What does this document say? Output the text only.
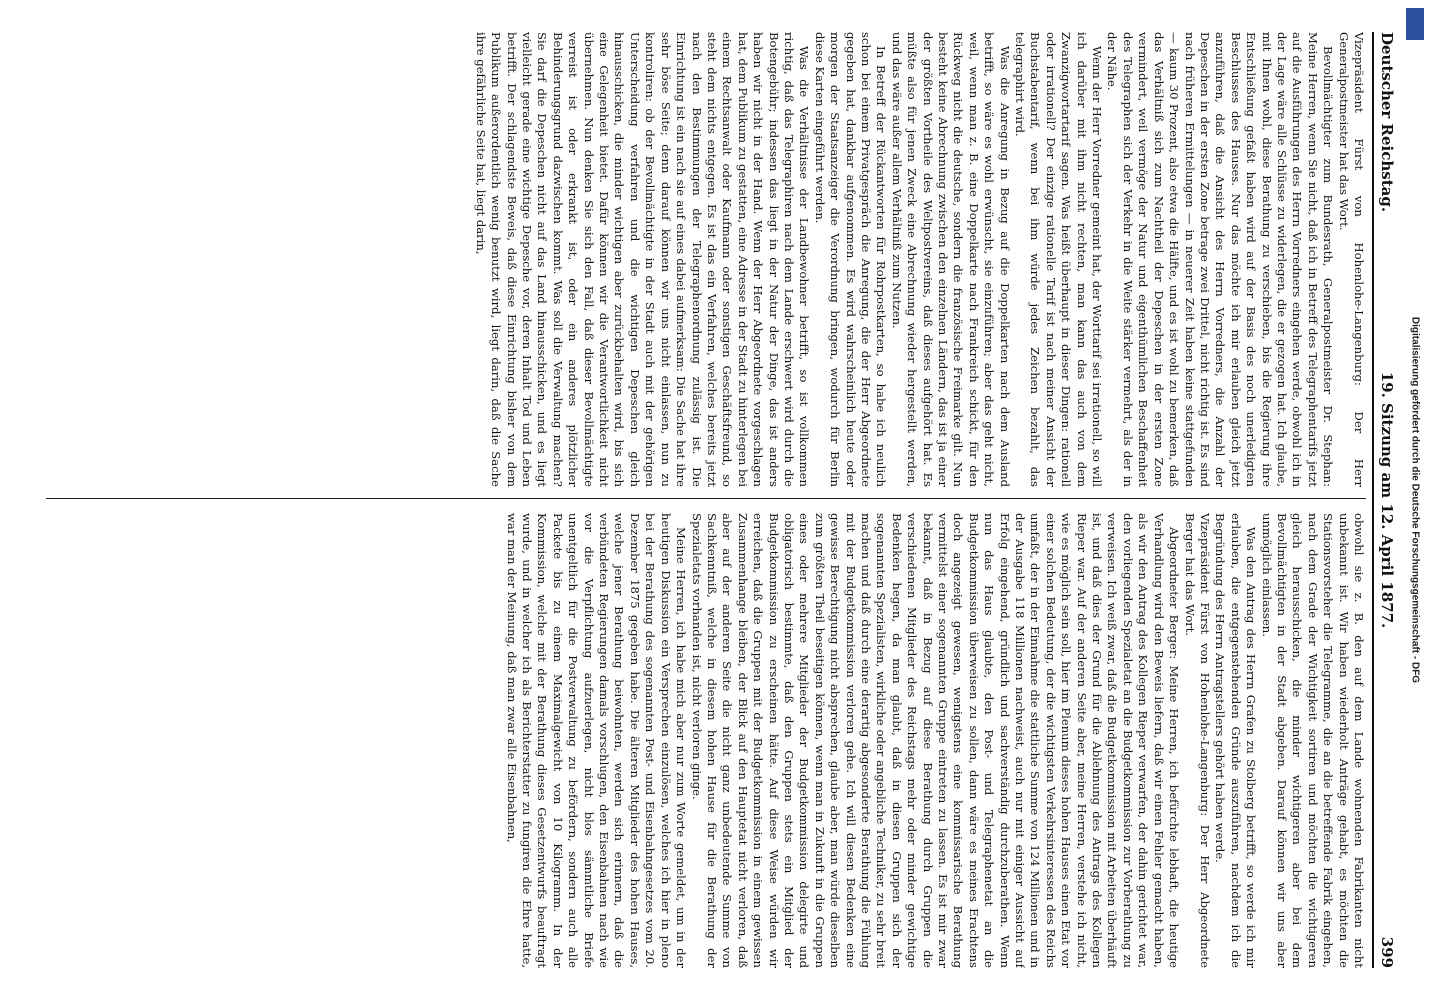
Deutscher Reichstag.
19. Sitzung am 12. April 1877.
399

Vizepräsident Fürst von Hohenlohe-Langenburg: Der Herr Generalpostmeister hat das Wort.

Bevollmächtigter zum Bundesrath, Generalpostmeister Dr. Stephan: Meine Herren, wenn Sie nicht, daß ich in Betreff des Telegraphentarifs jetzt auf die Ausführungen des Herrn Vorredners eingehen werde, obwohl ich in der Lage wäre alle Schlüsse zu widerlegen, die er gezogen hat. Ich glaube, mit Ihnen wohl, diese Berathung zu verschieben, bis die Regierung ihre Entschließung gefaßt haben wird auf der Basis des noch unerledigten Beschlusses des Hauses. Nur das möchte ich mir erlauben gleich jetzt anzuführen, daß die Ansicht des Herrn Vorredners, die Anzahl der Depeschen in der ersten Zone betrage zwei Drittel, nicht richtig ist. Es sind nach früheren Ermittelungen — in neuerer Zeit haben keine stattgefunden — kaum 30 Prozent, also etwa die Hälfte, und es ist wohl zu bemerken, daß das Verhältniß sich zum Nachtheil der Depeschen in der ersten Zone vermindert, weil vermöge der Natur und eigenthümlichen Beschaffenheit des Telegraphen sich der Verkehr in die Weite stärker vermehrt, als der in der Nähe.

Wenn der Herr Vorredner gemeint hat, der Worttarif sei irrationell, so will ich darüber mit ihm nicht rechten, man kann das auch von dem Zwanzigwortartarif sagen. Was heißt überhaupt in dieser Dingen: rationell oder irrationell? Der einzige rationelle Tarif ist nach meiner Ansicht der Buchstabentarif, wenn bei ihm würde jedes Zeichen bezahlt, das telegraphirt wird.

Was die Anregung in Bezug auf die Doppelkarten nach dem Ausland betrifft, so wäre es wohl erwünscht, sie einzuführen; aber das geht nicht, weil, wenn man z. B. eine Doppelkarte nach Frankreich schickt, für den Rückweg nicht die deutsche, sondern die französische Freimarke gilt. Nun besteht keine Abrechnung zwischen den einzelnen Ländern, das ist ja einer der größten Vortheile des Weltpostvereins, daß dieses aufgehört hat. Es müßte also für jenen Zweck eine Abrechnung wieder hergestellt werden, und das wäre außer allem Verhältniß zum Nutzen.

In Betreff der Rückantworten für Rohrpostkarten, so habe ich neulich schon bei einem Privatgespräch die Anregung, die der Herr Abgeordnete gegeben hat, dankbar aufgenommen. Es wird wahrscheinlich heute oder morgen der Staatsanzeiger die Verordnung bringen, wodurch für Berlin diese Karten eingeführt werden.

Was die Verhältnisse der Landbewohner betrifft, so ist vollkommen richtig, daß das Telegraphiren nach dem Lande erschwert wird durch die Botengebühr; indessen das liegt in der Natur der Dinge, das ist anders haben wir nicht in der Hand. Wenn der Herr Abgeordnete vorgeschlagen hat, dem Publikum zu gestatten, eine Adresse in der Stadt zu hinterlegen bei einem Rechtsanwalt oder Kaufmann oder sonstigen Geschäftsfreund, so steht dem nichts entgegen. Es ist das ein Verfahren, welches bereits jetzt nach den Bestimmungen der Telegraphenordnung zulässig ist. Die Einrichtung ist ein nach sie auf eines dabei aufmerksam: Die Sache hat ihre sehr böse Seite; denn darauf können wir uns nicht einlassen, nun zu kontroliren: ob der Bevollmächtigte in der Stadt auch mit der gehörigen Unterscheidung verfahren und die wichtigen Depeschen gleich hinausschicken, die minder wichtigen aber zurückbehalten wird, bis sich eine Gelegenheit bietet. Dafür können wir die Verantwortlichkeit nicht übernehmen. Nun denken Sie sich den Fall, daß dieser Bevollmächtigte verreist ist oder erkrankt ist, oder ein anderes plötzlicher Behinderungsgrund dazwischen kommt. Was soll die Verwaltung machen? Sie darf die Depeschen nicht auf das Land hinausschicken, und es liegt vielleicht gerade eine wichtige Depesche vor, deren Inhalt Tod und Leben betrifft. Der schlagendste Beweis, daß diese Einrichtung bisher von dem Publikum außerordentlich wenig benutzt wird, liegt darin, daß die Sache ihre gefährliche Seite hat, liegt darin,

obwohl sie z. B. den auf dem Lande wohnenden Fabrikanten nicht unbekannt ist. Wir haben wiederholt Anträge gehabt, es möchten die Stationsvorsteher die Telegramme, die an die betreffende Fabrik eingehen, nach dem Grade der Wichtigkeit sortiren und möchten die wichtigeren gleich herausschicken, die minder wichtigeren aber bei dem Bevollmächtigten in der Stadt abgeben. Darauf können wir uns aber unmöglich einlassen.

Was den Antrag des Herrn Grafen zu Stolberg betrifft, so werde ich mir erlauben, die entgegenstehenden Gründe auszuführen, nachdem ich die Begründung des Herrn Antragstellers gehört haben werde.

Vizepräsident Fürst von Hohenlohe-Langenburg: Der Herr Abgeordnete Berger hat das Wort.

Abgeordneter Berger: Meine Herren, ich befürchte lebhaft, die heutige Verhandlung wird den Beweis liefern, daß wir einen Fehler gemacht haben, als wir den Antrag des Kollegen Rieper verwarfen, der dahin gerichtet war, den vorliegenden Spezialetat an die Budgetkommission zur Vorberathung zu verweisen. Ich weiß zwar, daß die Budgetkommission mit Arbeiten überhäuft ist, und daß dies der Grund für die Ablehnung des Antrags des Kollegen Rieper war. Auf der anderen Seite aber, meine Herren, verstehe ich nicht, wie es möglich sein soll, hier im Plenum dieses hohen Hauses einen Etat vor einer solchen Bedeutung, der die wichtigsten Verkehrsinteressen des Reichs umfaßt, der in der Einnahme die stattliche Summe von 124 Millionen und in der Ausgabe 118 Millionen nachweist, auch nur mit einiger Aussicht auf Erfolg eingehend, gründlich und sachverständig durchzuberathen. Wenn nun das Haus glaubte, den Post- und Telegraphenetat an die Budgetkommission überweisen zu sollen, dann wäre es meines Erachtens doch angezeigt gewesen, wenigstens eine kommissarische Berathung vermittelst einer sogenannten Gruppe eintreten zu lassen. Es ist mir zwar bekannt, daß in Bezug auf diese Berathung durch Gruppen die verschiedenen Mitglieder des Reichstags mehr oder minder gewichtige Bedenken hegen, da man glaubt, daß in diesen Gruppen sich der sogenannten Spezialisten, wirkliche oder angebliche Techniker, zu sehr breit machen und daß durch eine derartig abgesonderte Berathung die Fühlung mit der Budgetkommission verloren gehe. Ich will diesen Bedenken eine gewisse Berechtigung nicht absprechen, glaube aber, man würde dieselben zum größten Theil beseitigen können, wenn man in Zukunft in die Gruppen eines oder mehrere Mitglieder der Budgetkommission delegirte und obligatorisch bestimmte, daß den Gruppen stets ein Mitglied der Budgetkommission zu erscheinen hätte. Auf diese Weise würden wir erreichen, daß die Gruppen mit der Budgetkommission in einem gewissen Zusammenhange bleiben, der Blick auf den Hauptetat nicht verloren, daß aber auf der anderen Seite die nicht ganz unbedeutende Summe von Sachkenntniß, welche in diesem hohen Hause für die Berathung der Spezialetats vorhanden ist, nicht verloren ginge.

Meine Herren, ich habe mich aber nur zum Worte gemeldet, um in der heutigen Diskussion ein Versprechen einzulösen, welches ich hier in pleno bei der Berathung des sogenannten Post- und Eisenbahngesetzes vom 20. Dezember 1875 gegeben habe. Die älteren Mitglieder des hohen Hauses, welche jener Berathung beiwohnten, werden sich erinnern, daß die verbündeten Regierungen damals vorschlugen, den Eisenbahnen nach wie vor die Verpflichtung aufzuerlegen, nicht blos sämmtliche Briefe unentgeltlich für die Postverwaltung zu befördern, sondern auch alle Packete bis zu einem Maximalgewicht von 10 Kilogramm. In der Kommission, welche mit der Berathung dieses Gesetzentwurfs beauftragt wurde, und in welcher ich als Berichterstatter zu fungiren die Ehre hatte, war man der Meinung, daß man zwar alle Eisenbahnen,	Digitalisierung gefördert durch die Deutsche Forschungsgemeinschaft - DFG
